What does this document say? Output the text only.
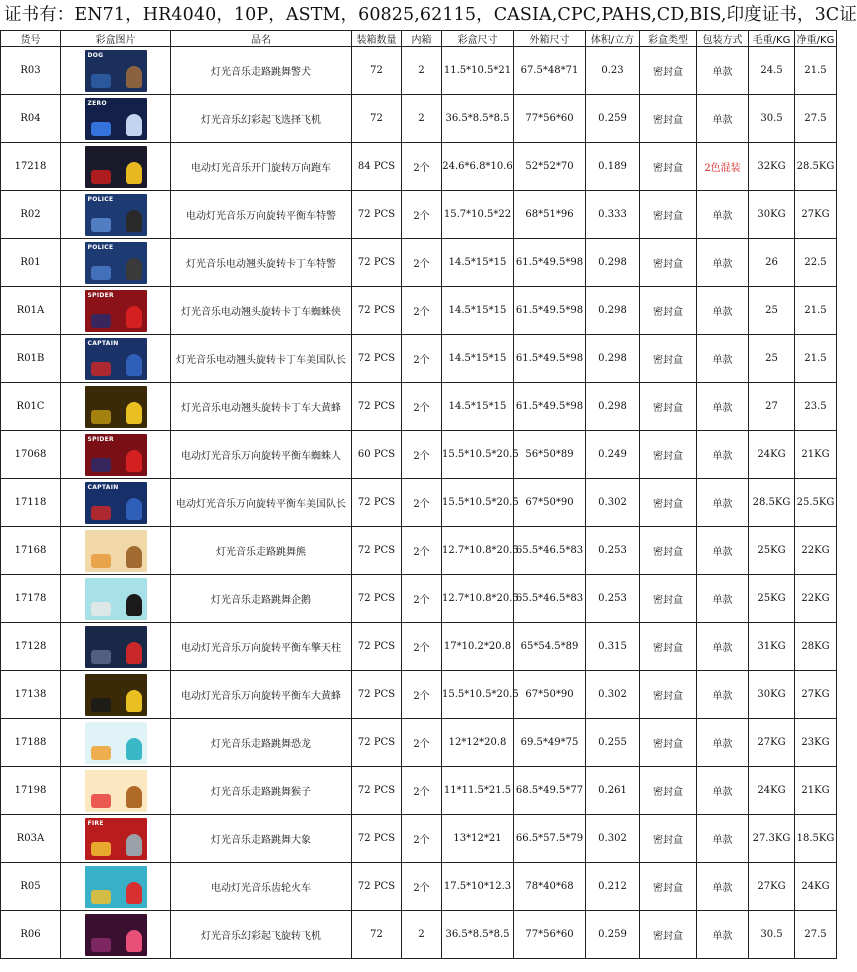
证书有：EN71，HR4040，10P，ASTM，60825,62115，CASIA,CPC,PAHS,CD,BIS,印度证书，3C证
货号	彩盒图片	品名	装箱数量	内箱	彩盒尺寸	外箱尺寸	体积/立方	彩盒类型	包装方式	毛重/KG	净重/KG
R03	DOG	灯光音乐走路跳舞警犬	72	2	11.5*10.5*21	67.5*48*71	0.23	密封盒	单款	24.5	21.5
R04	ZERO	灯光音乐幻彩起飞选择飞机	72	2	36.5*8.5*8.5	77*56*60	0.259	密封盒	单款	30.5	27.5
17218		电动灯光音乐开门旋转万向跑车	84 PCS	2个	24.6*6.8*10.6	52*52*70	0.189	密封盒	2色混装	32KG	28.5KG
R02	POLICE	电动灯光音乐万向旋转平衡车特警	72 PCS	2个	15.7*10.5*22	68*51*96	0.333	密封盒	单款	30KG	27KG
R01	POLICE	灯光音乐电动翘头旋转卡丁车特警	72 PCS	2个	14.5*15*15	61.5*49.5*98	0.298	密封盒	单款	26	22.5
R01A	SPIDER	灯光音乐电动翘头旋转卡丁车蜘蛛侠	72 PCS	2个	14.5*15*15	61.5*49.5*98	0.298	密封盒	单款	25	21.5
R01B	CAPTAIN	灯光音乐电动翘头旋转卡丁车美国队长	72 PCS	2个	14.5*15*15	61.5*49.5*98	0.298	密封盒	单款	25	21.5
R01C		灯光音乐电动翘头旋转卡丁车大黄蜂	72 PCS	2个	14.5*15*15	61.5*49.5*98	0.298	密封盒	单款	27	23.5
17068	SPIDER	电动灯光音乐万向旋转平衡车蜘蛛人	60 PCS	2个	15.5*10.5*20.5	56*50*89	0.249	密封盒	单款	24KG	21KG
17118	CAPTAIN	电动灯光音乐万向旋转平衡车美国队长	72 PCS	2个	15.5*10.5*20.5	67*50*90	0.302	密封盒	单款	28.5KG	25.5KG
17168		灯光音乐走路跳舞熊	72 PCS	2个	12.7*10.8*20.5	65.5*46.5*83	0.253	密封盒	单款	25KG	22KG
17178		灯光音乐走路跳舞企鹅	72 PCS	2个	12.7*10.8*20.5	65.5*46.5*83	0.253	密封盒	单款	25KG	22KG
17128		电动灯光音乐万向旋转平衡车擎天柱	72 PCS	2个	17*10.2*20.8	65*54.5*89	0.315	密封盒	单款	31KG	28KG
17138		电动灯光音乐万向旋转平衡车大黄蜂	72 PCS	2个	15.5*10.5*20.5	67*50*90	0.302	密封盒	单款	30KG	27KG
17188		灯光音乐走路跳舞恐龙	72 PCS	2个	12*12*20.8	69.5*49*75	0.255	密封盒	单款	27KG	23KG
17198		灯光音乐走路跳舞猴子	72 PCS	2个	11*11.5*21.5	68.5*49.5*77	0.261	密封盒	单款	24KG	21KG
R03A	FIRE	灯光音乐走路跳舞大象	72 PCS	2个	13*12*21	66.5*57.5*79	0.302	密封盒	单款	27.3KG	18.5KG
R05		电动灯光音乐齿轮火车	72 PCS	2个	17.5*10*12.3	78*40*68	0.212	密封盒	单款	27KG	24KG
R06		灯光音乐幻彩起飞旋转飞机	72	2	36.5*8.5*8.5	77*56*60	0.259	密封盒	单款	30.5	27.5
